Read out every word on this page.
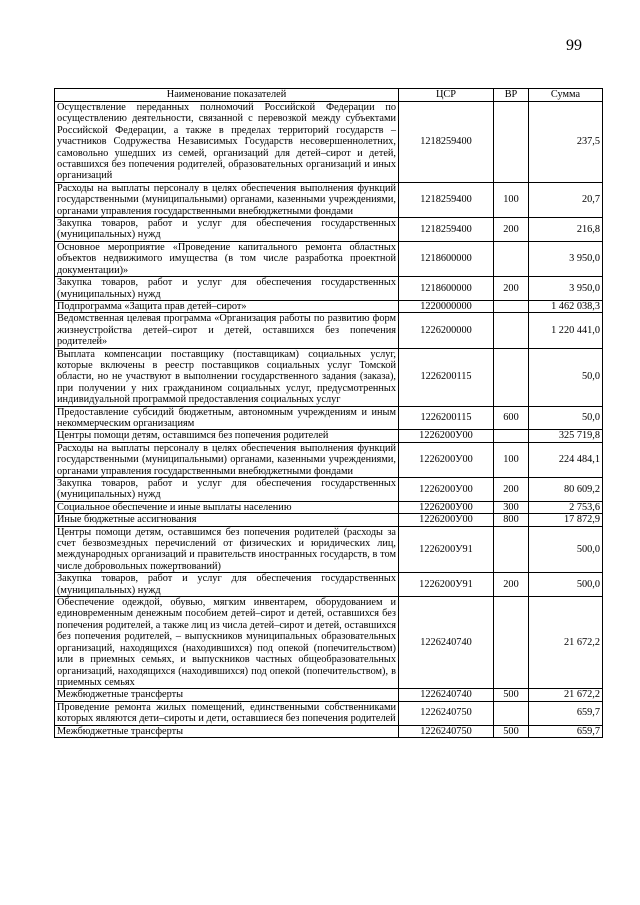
99
Наименование показателей	ЦСР	ВР	Сумма
Осуществление переданных полномочий Российской Федерации по осуществлению деятельности, связанной с перевозкой между субъектами Российской Федерации, а также в пределах территорий государств – участников Содружества Независимых Государств несовершеннолетних, самовольно ушедших из семей, организаций для детей–сирот и детей, оставшихся без попечения родителей, образовательных организаций и иных организаций	1218259400		237,5
Расходы на выплаты персоналу в целях обеспечения выполнения функций государственными (муниципальными) органами, казенными учреждениями, органами управления государственными внебюджетными фондами	1218259400	100	20,7
Закупка товаров, работ и услуг для обеспечения государственных (муниципальных) нужд	1218259400	200	216,8
Основное мероприятие «Проведение капитального ремонта областных объектов недвижимого имущества (в том числе разработка проектной документации)»	1218600000		3 950,0
Закупка товаров, работ и услуг для обеспечения государственных (муниципальных) нужд	1218600000	200	3 950,0
Подпрограмма «Защита прав детей–сирот»	1220000000		1 462 038,3
Ведомственная целевая программа «Организация работы по развитию форм жизнеустройства детей–сирот и детей, оставшихся без попечения родителей»	1226200000		1 220 441,0
Выплата компенсации поставщику (поставщикам) социальных услуг, которые включены в реестр поставщиков социальных услуг Томской области, но не участвуют в выполнении государственного задания (заказа), при получении у них гражданином социальных услуг, предусмотренных индивидуальной программой предоставления социальных услуг	1226200115		50,0
Предоставление субсидий бюджетным, автономным учреждениям и иным некоммерческим организациям	1226200115	600	50,0
Центры помощи детям, оставшимся без попечения родителей	1226200У00		325 719,8
Расходы на выплаты персоналу в целях обеспечения выполнения функций государственными (муниципальными) органами, казенными учреждениями, органами управления государственными внебюджетными фондами	1226200У00	100	224 484,1
Закупка товаров, работ и услуг для обеспечения государственных (муниципальных) нужд	1226200У00	200	80 609,2
Социальное обеспечение и иные выплаты населению	1226200У00	300	2 753,6
Иные бюджетные ассигнования	1226200У00	800	17 872,9
Центры помощи детям, оставшимся без попечения родителей (расходы за счет безвозмездных перечислений от физических и юридических лиц, международных организаций и правительств иностранных государств, в том числе добровольных пожертвований)	1226200У91		500,0
Закупка товаров, работ и услуг для обеспечения государственных (муниципальных) нужд	1226200У91	200	500,0
Обеспечение одеждой, обувью, мягким инвентарем, оборудованием и единовременным денежным пособием детей–сирот и детей, оставшихся без попечения родителей, а также лиц из числа детей–сирот и детей, оставшихся без попечения родителей, – выпускников муниципальных образовательных организаций, находящихся (находившихся) под опекой (попечительством) или в приемных семьях, и выпускников частных общеобразовательных организаций, находящихся (находившихся) под опекой (попечительством), в приемных семьях	1226240740		21 672,2
Межбюджетные трансферты	1226240740	500	21 672,2
Проведение ремонта жилых помещений, единственными собственниками которых являются дети–сироты и дети, оставшиеся без попечения родителей	1226240750		659,7
Межбюджетные трансферты	1226240750	500	659,7
